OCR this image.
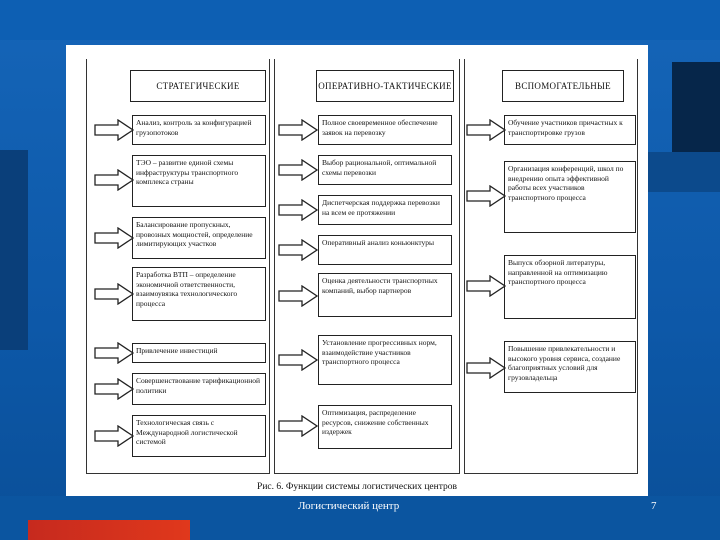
СТРАТЕГИЧЕСКИЕ	ОПЕРАТИВНО-ТАКТИЧЕСКИЕ	ВСПОМОГАТЕЛЬНЫЕ
Анализ, контроль за конфигурацией грузопотоков
ТЭО – развитие единой схемы инфраструктуры транспортного комплекса страны
Балансирование пропускных, провозных мощностей, определение лимитирующих участков
Разработка ВТП – определение экономичной ответственности, взаимоувязка технологического процесса
Привлечение инвестиций
Совершенствование тарификационной политики
Технологическая связь с Международной логистической системой
Полное своевременное обеспечение заявок на перевозку
Выбор рациональной, оптимальной схемы перевозки
Диспетчерская поддержка перевозки на всем ее протяжении
Оперативный анализ коньюнктуры
Оценка деятельности транспортных компаний, выбор партнеров
Установление прогрессивных норм, взаимодействие участников транспортного процесса
Оптимизация, распределение ресурсов, снижение собственных издержек
Обучение участников причастных к транспортировке грузов
Организация конференций, школ по внедрению опыта эффективной работы всех участников транспортного процесса
Выпуск обзорной литературы, направленной на оптимизацию транспортного процесса
Повышение привлекательности и высокого уровня сервиса, создание благоприятных условий для грузовладельца
Рис. 6. Функции системы логистических центров
Логистический центр	7
